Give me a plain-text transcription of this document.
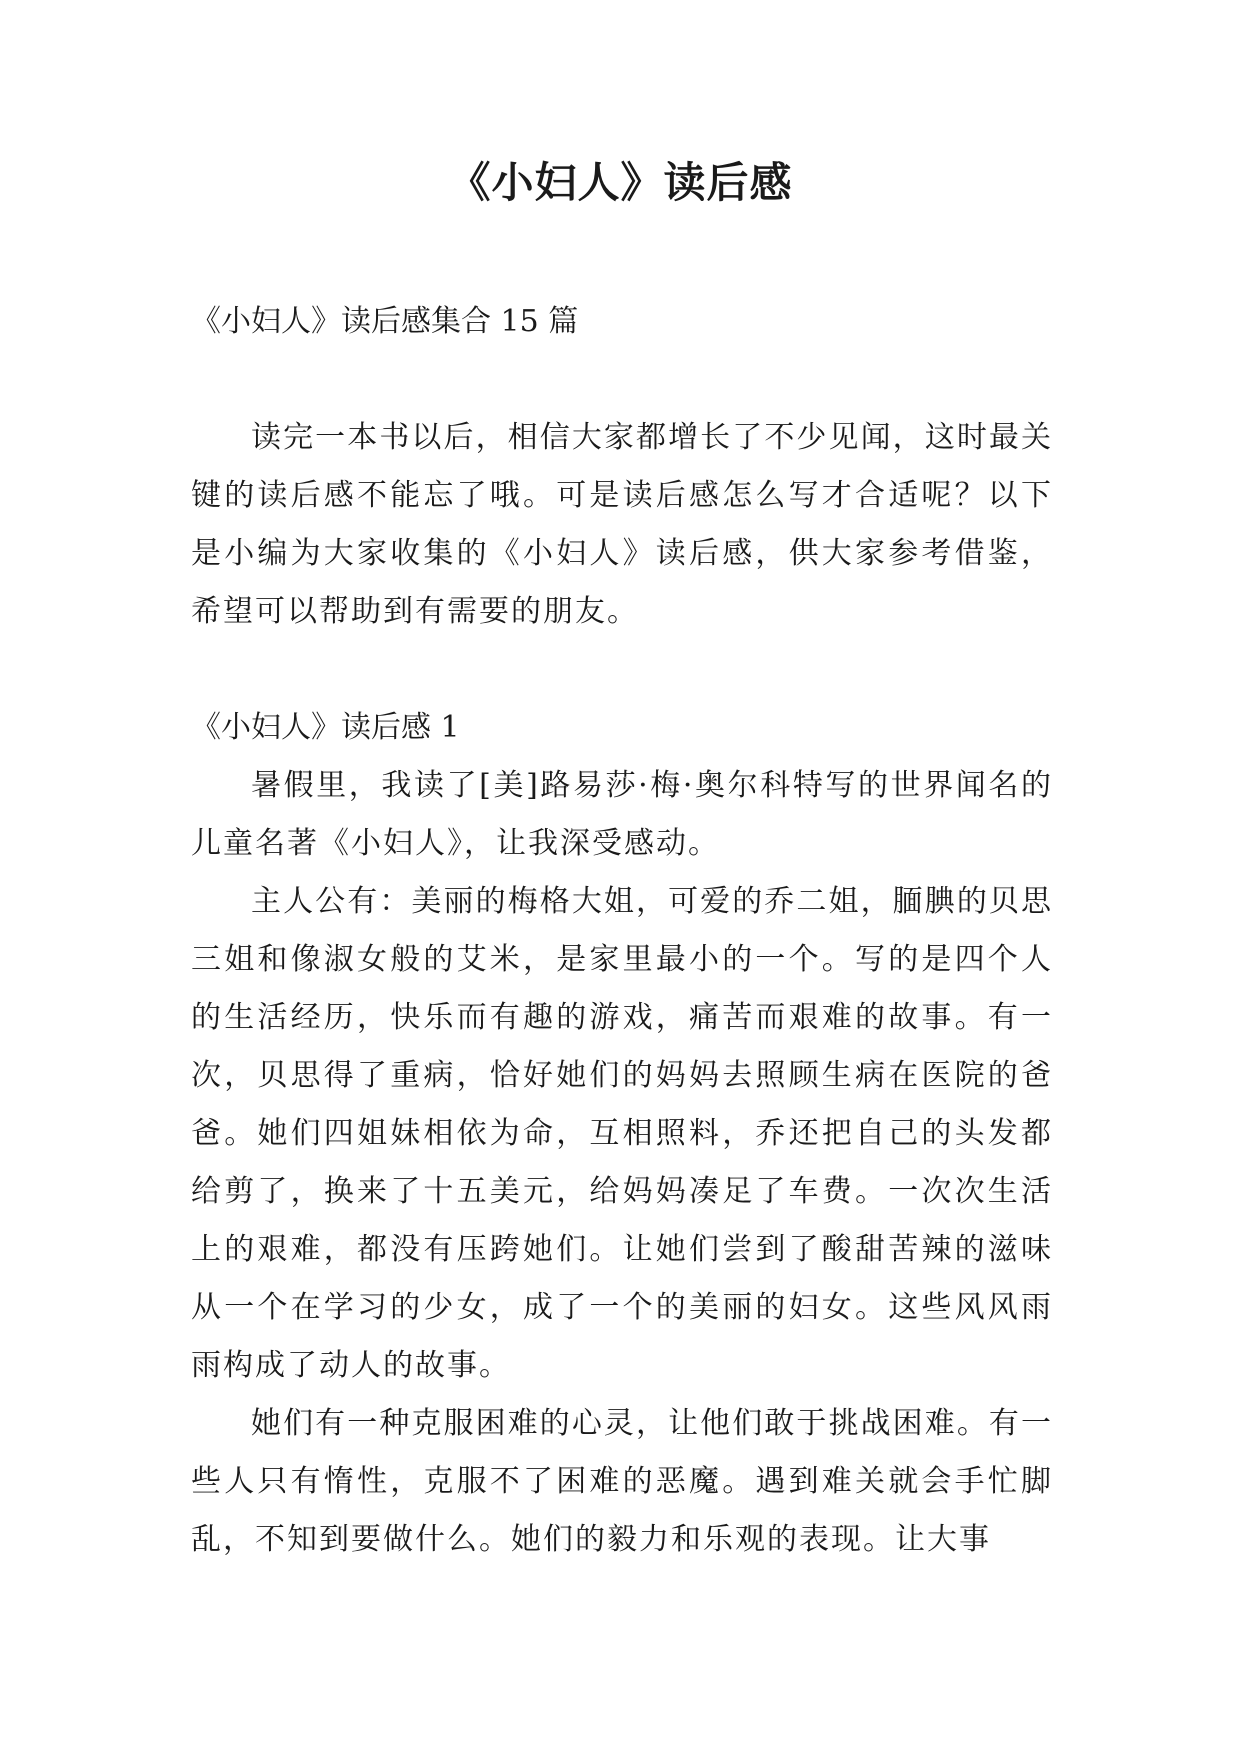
《小妇人》读后感

《小妇人》读后感集合 15 篇

读完一本书以后，相信大家都增长了不少见闻，这时最关键的读后感不能忘了哦。可是读后感怎么写才合适呢？以下是小编为大家收集的《小妇人》读后感，供大家参考借鉴，希望可以帮助到有需要的朋友。

《小妇人》读后感 1

暑假里，我读了[美]路易莎·梅·奥尔科特写的世界闻名的儿童名著《小妇人》，让我深受感动。

主人公有：美丽的梅格大姐，可爱的乔二姐，腼腆的贝思三姐和像淑女般的艾米，是家里最小的一个。写的是四个人的生活经历，快乐而有趣的游戏，痛苦而艰难的故事。有一次，贝思得了重病，恰好她们的妈妈去照顾生病在医院的爸爸。她们四姐妹相依为命，互相照料，乔还把自己的头发都给剪了，换来了十五美元，给妈妈凑足了车费。一次次生活上的艰难，都没有压跨她们。让她们尝到了酸甜苦辣的滋味从一个在学习的少女，成了一个的美丽的妇女。这些风风雨雨构成了动人的故事。

她们有一种克服困难的心灵，让他们敢于挑战困难。有一些人只有惰性，克服不了困难的恶魔。遇到难关就会手忙脚乱，不知到要做什么。她们的毅力和乐观的表现。让大事
